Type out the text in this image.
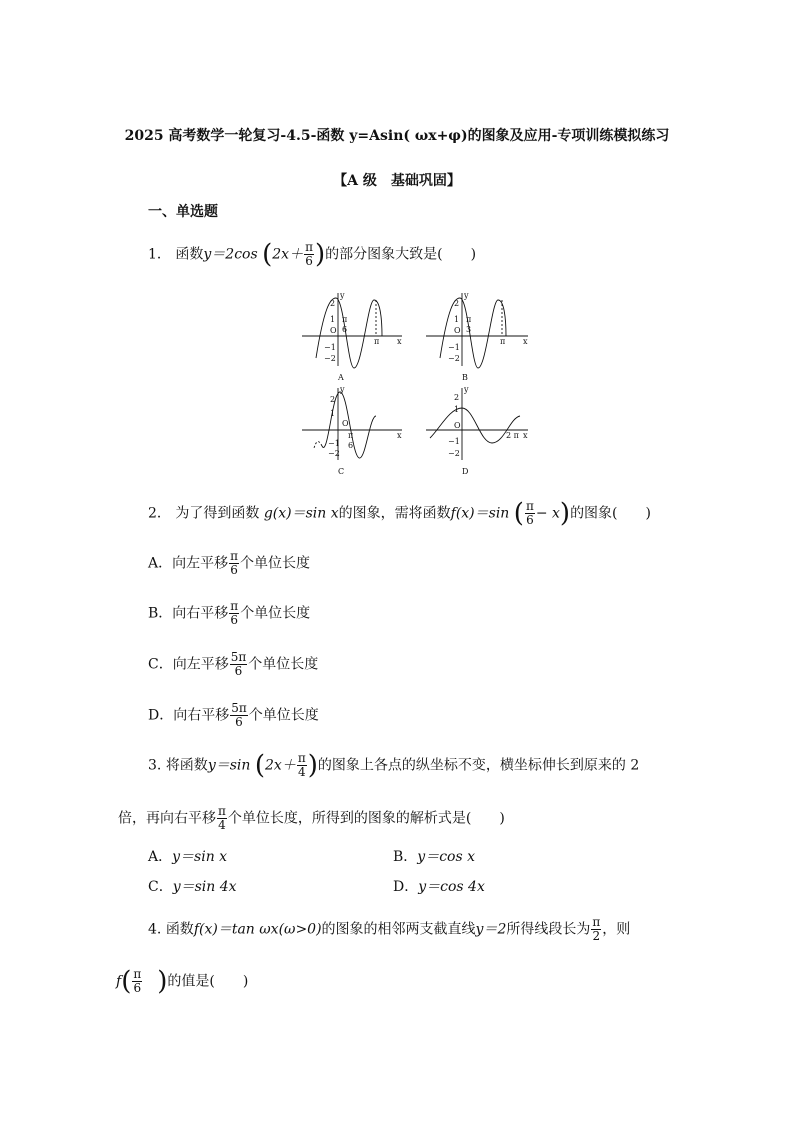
2025 高考数学一轮复习-4.5-函数 y=Asin( ωx+φ)的图象及应用-专项训练模拟练习
【A 级　基础巩固】
一、单选题
1． 函数y＝2cos ($2x+ \frac{\pi}{6}$ )的部分图象大致是(　　)
y
x
2
1
O
π
6
π
−1
−2
A
y
x
2
1
O
π
3
π
−1
−2
B
y
x
2
1
O
π
6
−1
−2
C
y
x
2
1
O
2 π
−1
−2
D
2． 为了得到函数 g(x)＝sin x的图象，需将函数f(x)＝sin ( $\frac{\pi}{6} - x$)的图象(　　)
A．向左平移 $\frac{\pi}{6}$ 个单位长度
B．向右平移 $\frac{\pi}{6}$ 个单位长度
C．向左平移 $\frac{5\pi}{6}$ 个单位长度
D．向右平移 $\frac{5\pi}{6}$ 个单位长度
3. 将函数y＝sin ($2x+ \frac{\pi}{4}$ )的图象上各点的纵坐标不变，横坐标伸长到原来的 2
倍，再向右平移 $\frac{\pi}{4}$ 个单位长度，所得到的图象的解析式是(　　)
A．y＝sin x	B．y＝cos x
C．y＝sin 4x	D．y＝cos 4x
4. 函数f(x)＝tan ωx(ω>0)的图象的相邻两支截直线y＝2所得线段长为 $\frac{\pi}{2}$ ，则
$f( \frac{\pi}{6}$ )的值是(　　)
